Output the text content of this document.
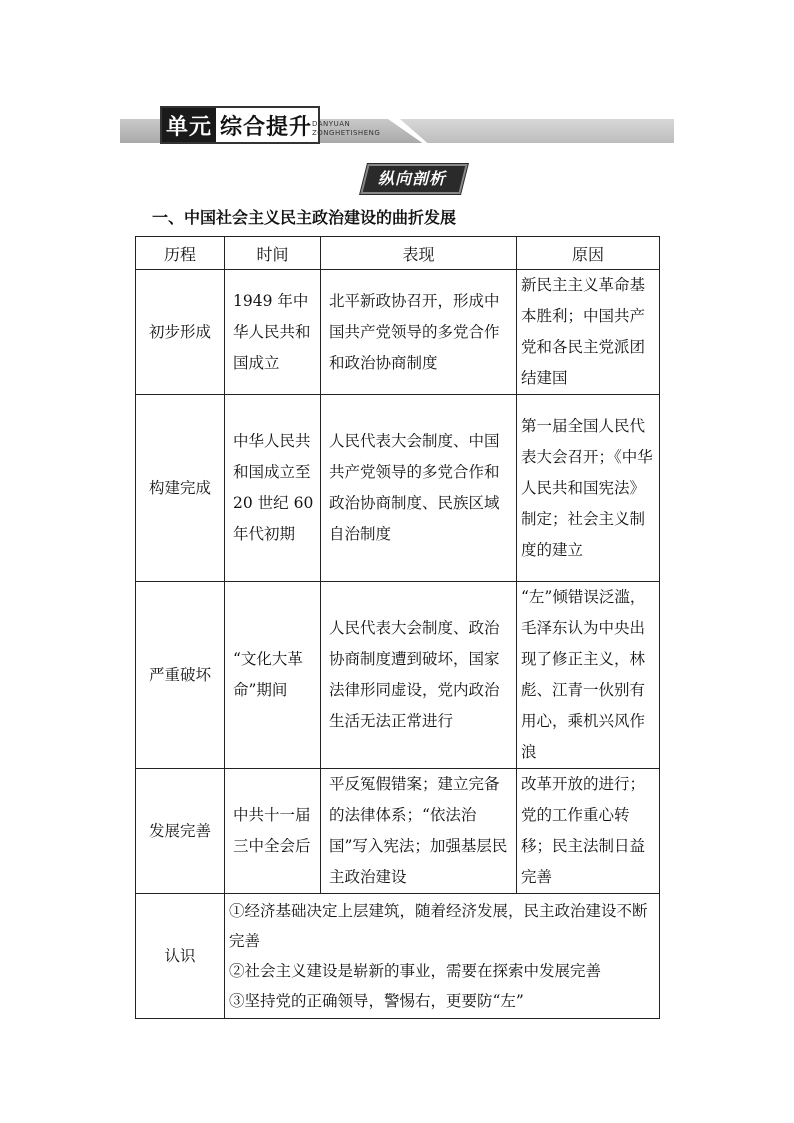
单元 综合提升 DANYUAN
ZONGHETISHENG
纵向剖析
一、中国社会主义民主政治建设的曲折发展
历程	时间	表现	原因
初步形成	1949 年中华人民共和国成立	北平新政协召开，形成中国共产党领导的多党合作和政治协商制度	新民主主义革命基本胜利；中国共产党和各民主党派团结建国
构建完成	中华人民共和国成立至 20 世纪 60 年代初期	人民代表大会制度、中国共产党领导的多党合作和政治协商制度、民族区域自治制度	第一届全国人民代表大会召开；《中华人民共和国宪法》制定；社会主义制度的建立
严重破坏	“文化大革命”期间	人民代表大会制度、政治协商制度遭到破坏，国家法律形同虚设，党内政治生活无法正常进行	“左”倾错误泛滥，毛泽东认为中央出现了修正主义，林彪、江青一伙别有用心，乘机兴风作浪
发展完善	中共十一届三中全会后	平反冤假错案；建立完备的法律体系；“依法治国”写入宪法；加强基层民主政治建设	改革开放的进行；党的工作重心转移；民主法制日益完善
认识	①经济基础决定上层建筑，随着经济发展，民主政治建设不断完善
②社会主义建设是崭新的事业，需要在探索中发展完善
③坚持党的正确领导，警惕右，更要防“左”		
